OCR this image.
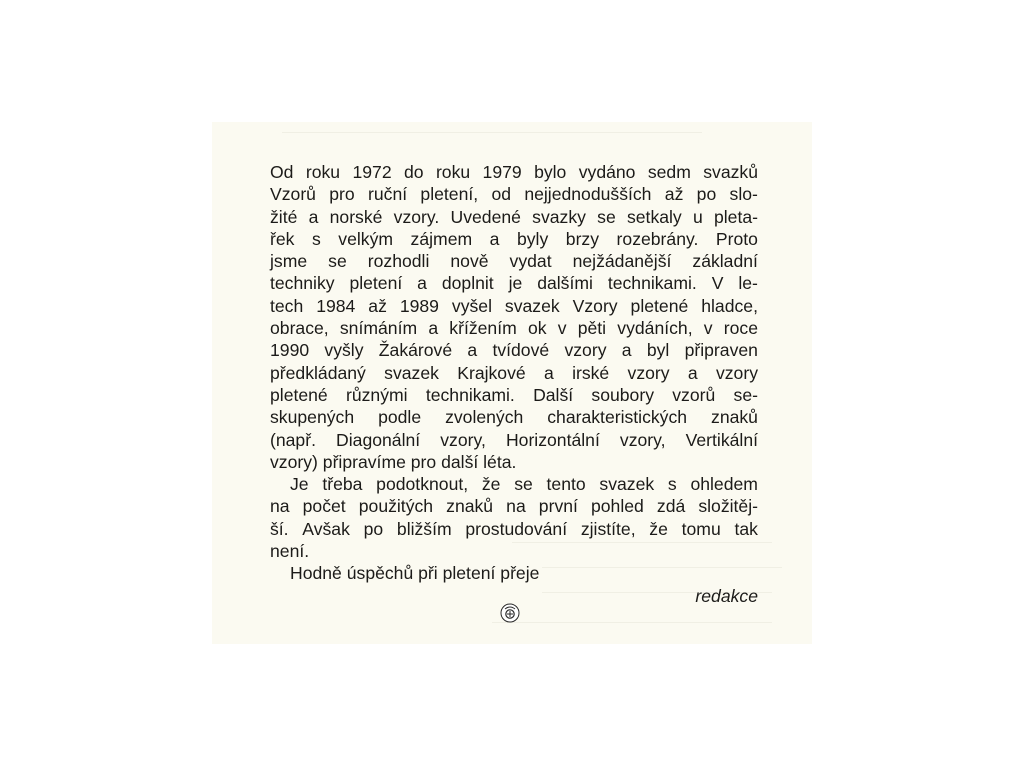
Od roku 1972 do roku 1979 bylo vydáno sedm svazků
Vzorů pro ruční pletení, od nejjednodušších až po slo-
žité a norské vzory. Uvedené svazky se setkaly u pleta-
řek s velkým zájmem a byly brzy rozebrány. Proto
jsme se rozhodli nově vydat nejžádanější základní
techniky pletení a doplnit je dalšími technikami. V le-
tech 1984 až 1989 vyšel svazek Vzory pletené hladce,
obrace, snímáním a křížením ok v pěti vydáních, v roce
1990 vyšly Žakárové a tvídové vzory a byl připraven
předkládaný svazek Krajkové a irské vzory a vzory
pletené různými technikami. Další soubory vzorů se-
skupených podle zvolených charakteristických znaků
(např. Diagonální vzory, Horizontální vzory, Vertikální
vzory) připravíme pro další léta.
Je třeba podotknout, že se tento svazek s ohledem
na počet použitých znaků na první pohled zdá složitěj-
ší. Avšak po bližším prostudování zjistíte, že tomu tak
není.
Hodně úspěchů při pletení přeje
redakce
